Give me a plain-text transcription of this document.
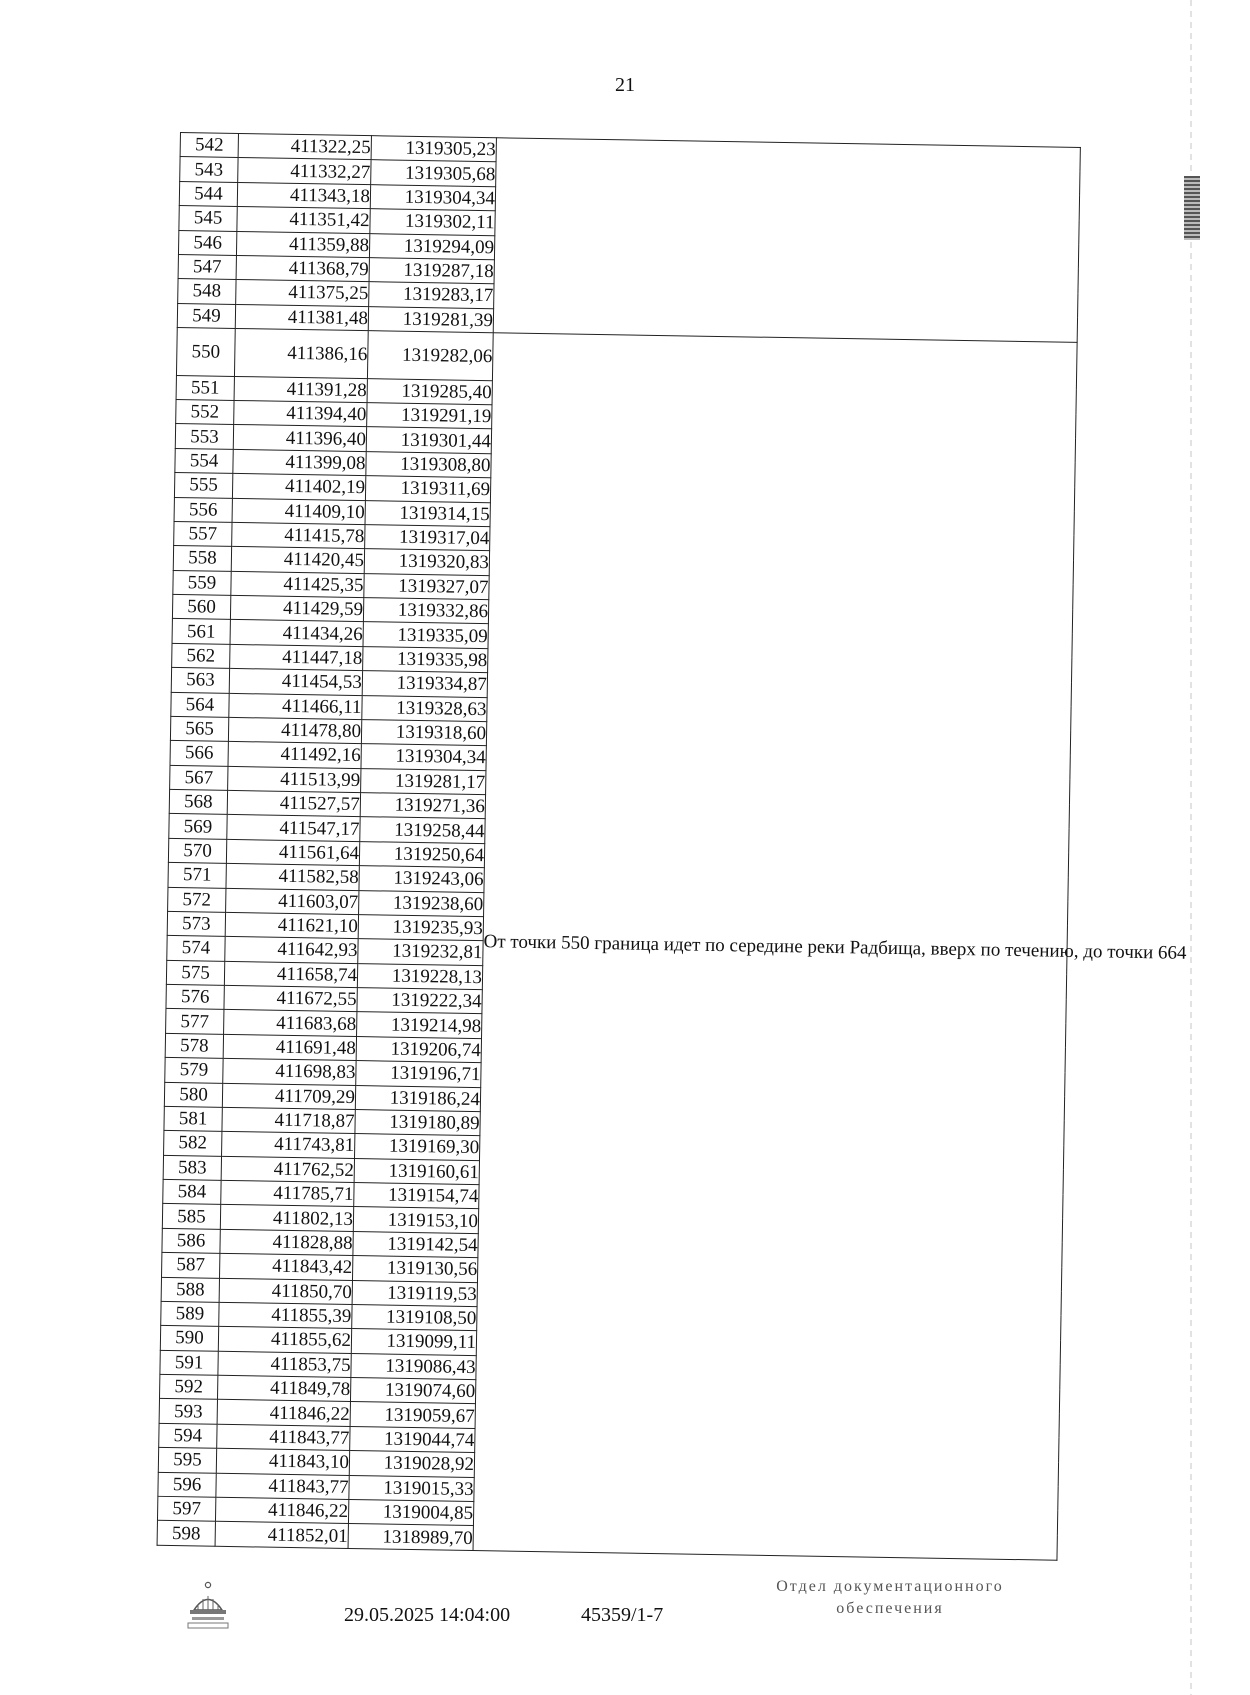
21
542	411322,25	1319305,23	
543	411332,27	1319305,68	
544	411343,18	1319304,34	
545	411351,42	1319302,11	
546	411359,88	1319294,09	
547	411368,79	1319287,18	
548	411375,25	1319283,17	
549	411381,48	1319281,39	
550	411386,16	1319282,06	От точки 550 граница идет по середине реки Радбища, вверх по течению, до точки 664
551	411391,28	1319285,40	
552	411394,40	1319291,19	
553	411396,40	1319301,44	
554	411399,08	1319308,80	
555	411402,19	1319311,69	
556	411409,10	1319314,15	
557	411415,78	1319317,04	
558	411420,45	1319320,83	
559	411425,35	1319327,07	
560	411429,59	1319332,86	
561	411434,26	1319335,09	
562	411447,18	1319335,98	
563	411454,53	1319334,87	
564	411466,11	1319328,63	
565	411478,80	1319318,60	
566	411492,16	1319304,34	
567	411513,99	1319281,17	
568	411527,57	1319271,36	
569	411547,17	1319258,44	
570	411561,64	1319250,64	
571	411582,58	1319243,06	
572	411603,07	1319238,60	
573	411621,10	1319235,93	
574	411642,93	1319232,81	
575	411658,74	1319228,13	
576	411672,55	1319222,34	
577	411683,68	1319214,98	
578	411691,48	1319206,74	
579	411698,83	1319196,71	
580	411709,29	1319186,24	
581	411718,87	1319180,89	
582	411743,81	1319169,30	
583	411762,52	1319160,61	
584	411785,71	1319154,74	
585	411802,13	1319153,10	
586	411828,88	1319142,54	
587	411843,42	1319130,56	
588	411850,70	1319119,53	
589	411855,39	1319108,50	
590	411855,62	1319099,11	
591	411853,75	1319086,43	
592	411849,78	1319074,60	
593	411846,22	1319059,67	
594	411843,77	1319044,74	
595	411843,10	1319028,92	
596	411843,77	1319015,33	
597	411846,22	1319004,85	
598	411852,01	1318989,70	
29.05.2025 14:04:00	45359/1-7
Отдел документационного обеспечения
